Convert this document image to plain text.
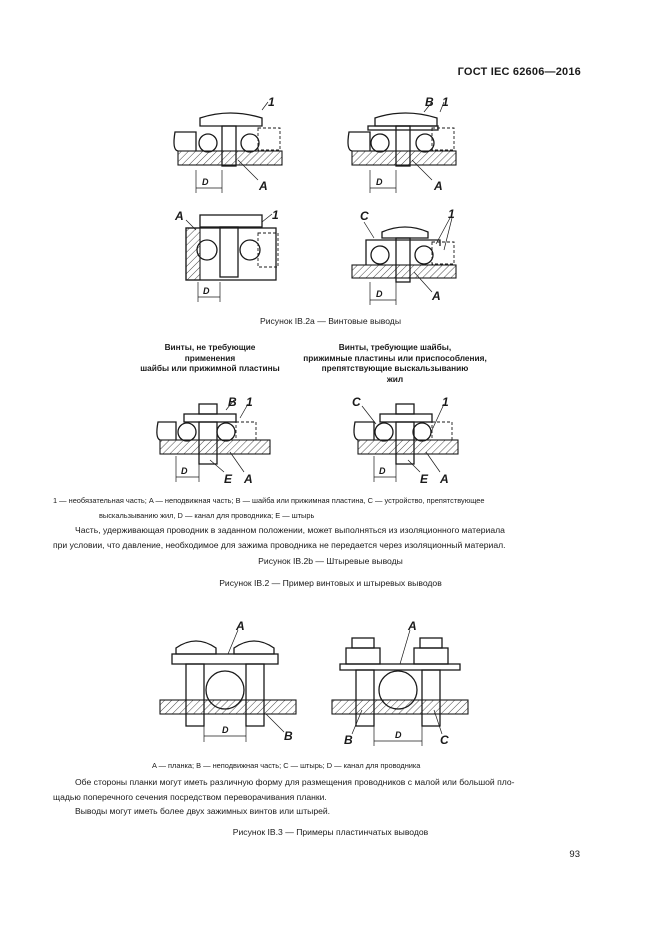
ГОСТ IEC 62606—2016
D
1
A	D
B 1
A
D
A	1
D
C	1
A
Рисунок IB.2a — Винтовые выводы
Винты, не требующие
применения
шайбы или прижимной пластины
Винты, требующие шайбы,
прижимные пластины или приспособления,
препятствующие выскальзыванию
жил
D
B 1
E A
D
C	1
E A
1 — необязательная часть; A — неподвижная часть; B — шайба или прижимная пластина, C — устройство, препятствующее
выскальзыванию жил, D — канал для проводника; E — штырь
Часть, удерживающая проводник в заданном положении, может выполняться из изоляционного материала
при условии, что давление, необходимое для зажима проводника не передается через изоляционный материал.
Рисунок IB.2b — Штыревые выводы
Рисунок IB.2 — Пример винтовых и штыревых выводов
D
A
B	D
A
B	C
A — планка; B — неподвижная часть; C — штырь; D — канал для проводника
Обе стороны планки могут иметь различную форму для размещения проводников с малой или большой пло-
щадью поперечного сечения посредством переворачивания планки.
Выводы могут иметь более двух зажимных винтов или штырей.
Рисунок IB.3 — Примеры пластинчатых выводов
93
